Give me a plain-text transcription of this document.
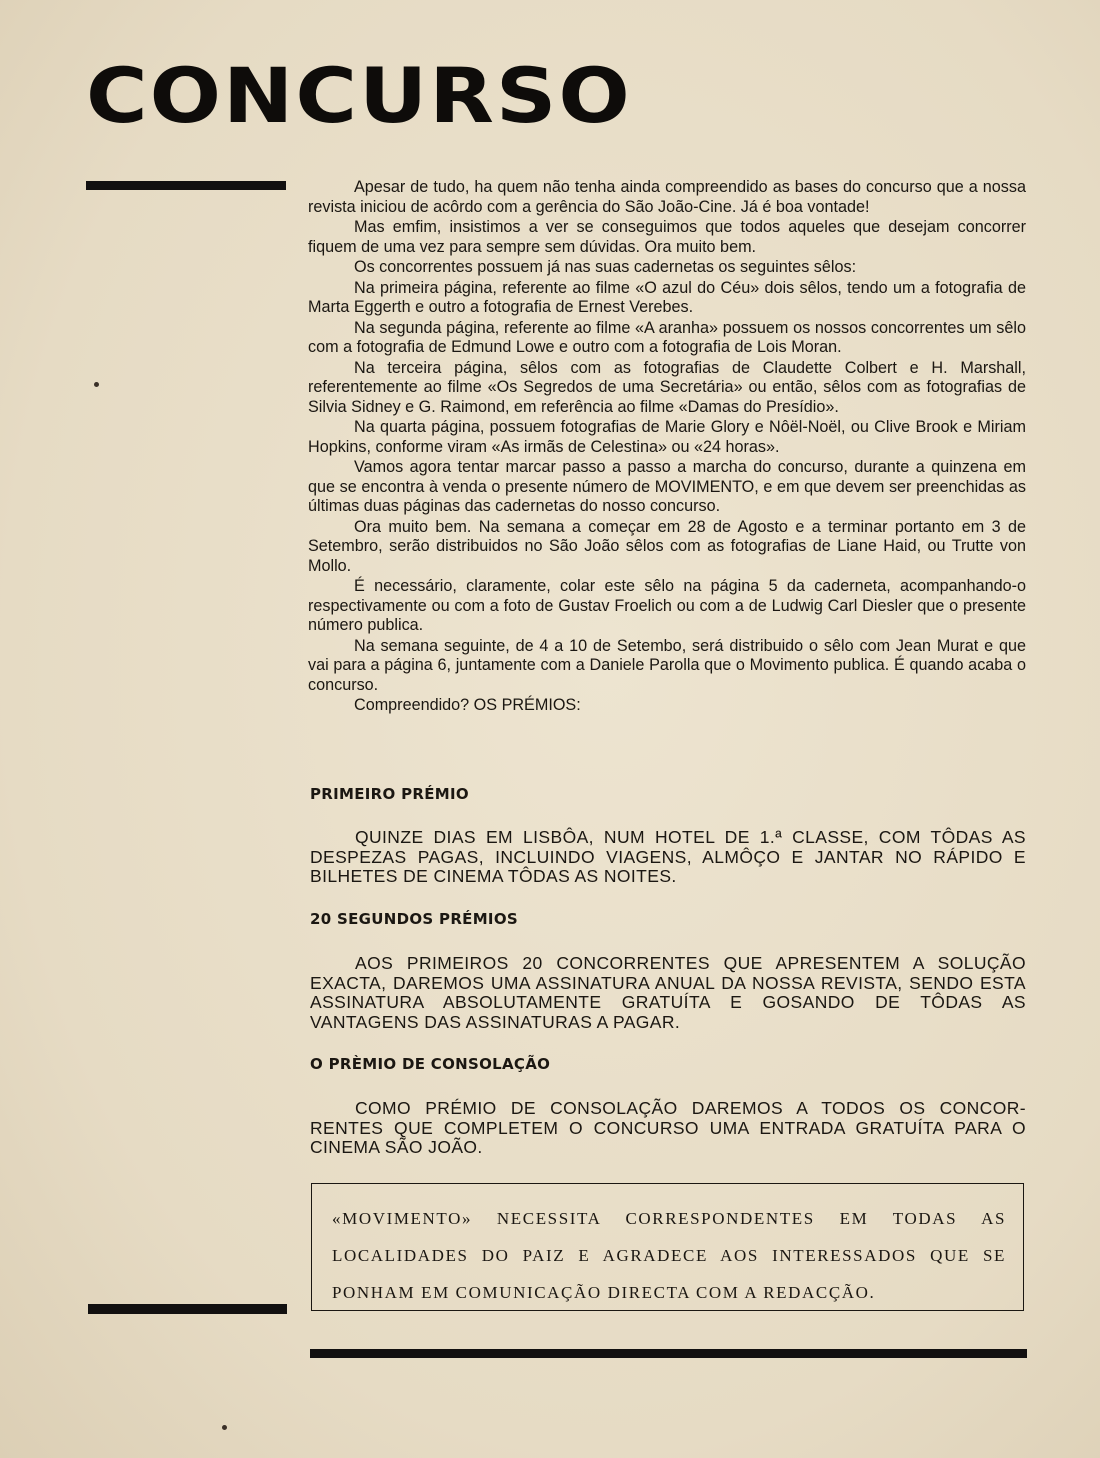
CONCURSO

Apesar de tudo, ha quem não tenha ainda compreendido as bases do concurso que a nossa revista iniciou de acôrdo com a gerência do São João-Cine. Já é boa vontade!

Mas emfim, insistimos a ver se conseguimos que todos aqueles que desejam concorrer fiquem de uma vez para sempre sem dúvidas. Ora muito bem.

Os concorrentes possuem já nas suas cadernetas os seguintes sêlos:

Na primeira página, referente ao filme «O azul do Céu» dois sêlos, tendo um a fotografia de Marta Eggerth e outro a fotografia de Ernest Verebes.

Na segunda página, referente ao filme «A aranha» possuem os nossos concorrentes um sêlo com a fotografia de Edmund Lowe e outro com a fotografia de Lois Moran.

Na terceira página, sêlos com as fotografias de Claudette Colbert e H. Marshall, referentemente ao filme «Os Segredos de uma Secretária» ou então, sêlos com as fotografias de Silvia Sidney e G. Raimond, em referência ao filme «Damas do Presídio».

Na quarta página, possuem fotografias de Marie Glory e Nôël-Noël, ou Clive Brook e Miriam Hopkins, conforme viram «As irmãs de Celestina» ou «24 horas».

Vamos agora tentar marcar passo a passo a marcha do concurso, durante a quinzena em que se encontra à venda o presente número de MOVIMENTO, e em que devem ser preenchidas as últimas duas páginas das cadernetas do nosso concurso.

Ora muito bem. Na semana a começar em 28 de Agosto e a terminar portanto em 3 de Setembro, serão distribuidos no São João sêlos com as fotografias de Liane Haid, ou Trutte von Mollo.

É necessário, claramente, colar este sêlo na página 5 da caderneta, acompanhando-o respectivamente ou com a foto de Gustav Froelich ou com a de Ludwig Carl Diesler que o presente número publica.

Na semana seguinte, de 4 a 10 de Setembo, será distribuido o sêlo com Jean Murat e que vai para a página 6, juntamente com a Daniele Parolla que o Movimento publica. É quando acaba o concurso.

Compreendido? OS PRÉMIOS:

PRIMEIRO PRÉMIO
QUINZE DIAS EM LISBÔA, NUM HOTEL DE 1.ª CLASSE, COM TÔDAS AS DESPEZAS PAGAS, INCLUINDO VIAGENS, ALMÔÇO E JANTAR NO RÁPIDO E BILHETES DE CINEMA TÔDAS AS NOITES.
20 SEGUNDOS PRÉMIOS
AOS PRIMEIROS 20 CONCORRENTES QUE APRESENTEM A SOLUÇÃO EXACTA, DAREMOS UMA ASSINATURA ANUAL DA NOSSA REVISTA, SENDO ESTA ASSINATURA ABSOLUTAMENTE GRATUÍTA E GOSANDO DE TÔDAS AS VANTAGENS DAS ASSINATURAS A PAGAR.
O PRÈMIO DE CONSOLAÇÃO
COMO PRÉMIO DE CONSOLAÇÃO DAREMOS A TODOS OS CONCOR-RENTES QUE COMPLETEM O CONCURSO UMA ENTRADA GRATUÍTA PARA O CINEMA SÃO JOÃO.
«MOVIMENTO» NECESSITA CORRESPONDENTES EM TODAS AS LOCALIDADES DO PAIZ E AGRADECE AOS INTERESSADOS QUE SE PONHAM EM COMUNICAÇÃO DIRECTA COM A REDACÇÃO.
